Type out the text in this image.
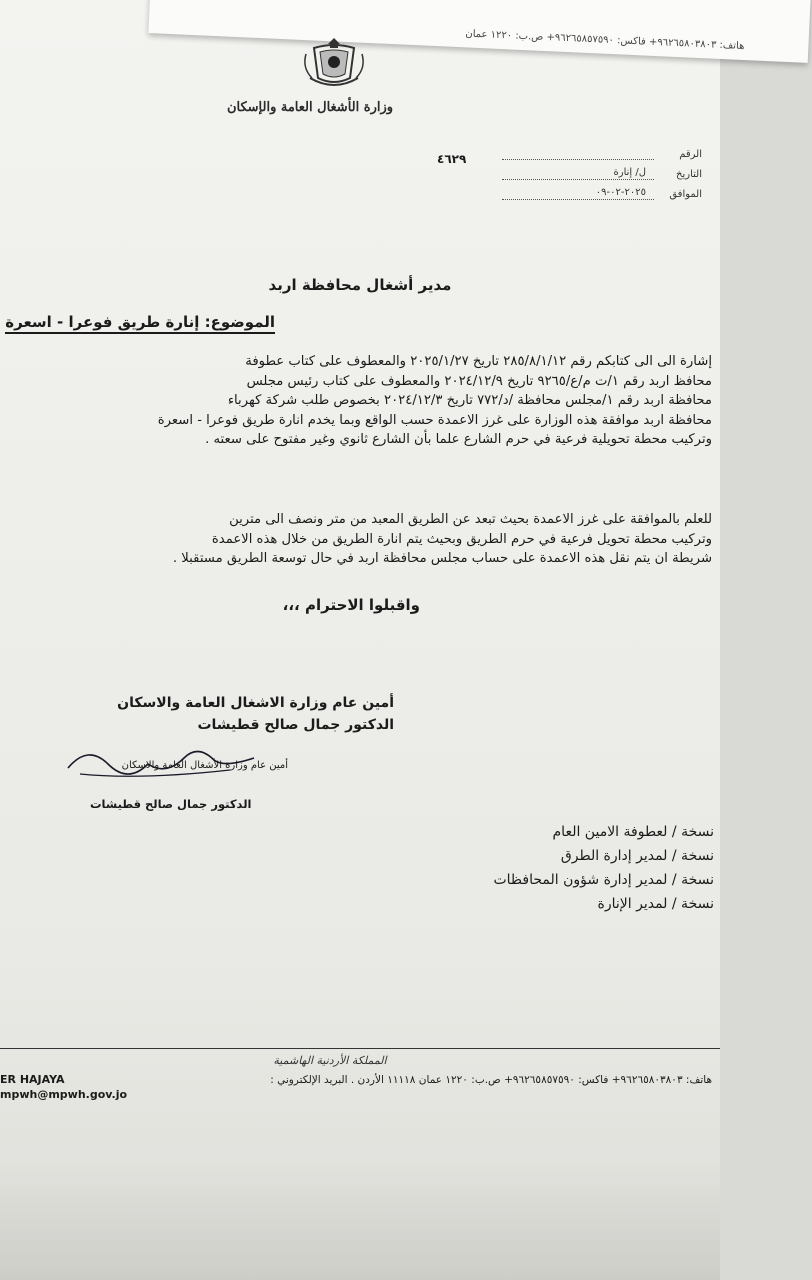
هاتف: ٩٦٢٦٥٨٠٣٨٠٣+ فاكس: ٩٦٢٦٥٨٥٧٥٩٠+ ص.ب: ١٢٢٠ عمان
وزارة الأشغال العامة والإسكان
٤٦٢٩	الرقم
التاريخ
ل/ إنارة
الموافق
٢٠٢٥-٠٢-٠٩
مدير أشغال محافظة اربد
الموضوع: إنارة طريق فوعرا - اسعرة

إشارة الى الى كتابكم رقم ٢٨٥/٨/١/١٢ تاريخ ٢٠٢٥/١/٢٧ والمعطوف على كتاب عطوفة

محافظ اربد رقم ١/ت م/ع/٩٢٦٥ تاريخ ٢٠٢٤/١٢/٩ والمعطوف على كتاب رئيس مجلس

محافظة اربد رقم ١/مجلس محافظة /د/٧٧٢ تاريخ ٢٠٢٤/١٢/٣ بخصوص طلب شركة كهرباء

محافظة اربد موافقة هذه الوزارة على غرز الاعمدة حسب الواقع وبما يخدم انارة طريق فوعرا - اسعرة

وتركيب محطة تحويلية فرعية في حرم الشارع علما بأن الشارع ثانوي وغير مفتوح على سعته .

للعلم بالموافقة على غرز الاعمدة بحيث تبعد عن الطريق المعبد من متر ونصف الى مترين

وتركيب محطة تحويل فرعية في حرم الطريق وبحيث يتم انارة الطريق من خلال هذه الاعمدة

شريطة ان يتم نقل هذه الاعمدة على حساب مجلس محافظة اربد في حال توسعة الطريق مستقبلا .

واقبلوا الاحترام ،،،
أمين عام وزارة الاشغال العامة والاسكان
الدكتور جمال صالح قطيشات
أمين عام وزارة الأشغال العامة والاسكان
الدكتور جمال صالح قطيشات
نسخة / لعطوفة الامين العام
نسخة / لمدير إدارة الطرق
نسخة / لمدير إدارة شؤون المحافظات
نسخة / لمدير الإنارة
المملكة الأردنية الهاشمية
ER HAJAYA	هاتف: ٩٦٢٦٥٨٠٣٨٠٣+ فاكس: ٩٦٢٦٥٨٥٧٥٩٠+ ص.ب: ١٢٢٠ عمان ١١١١٨ الأردن . البريد الإلكتروني :
mpwh@mpwh.gov.jo
